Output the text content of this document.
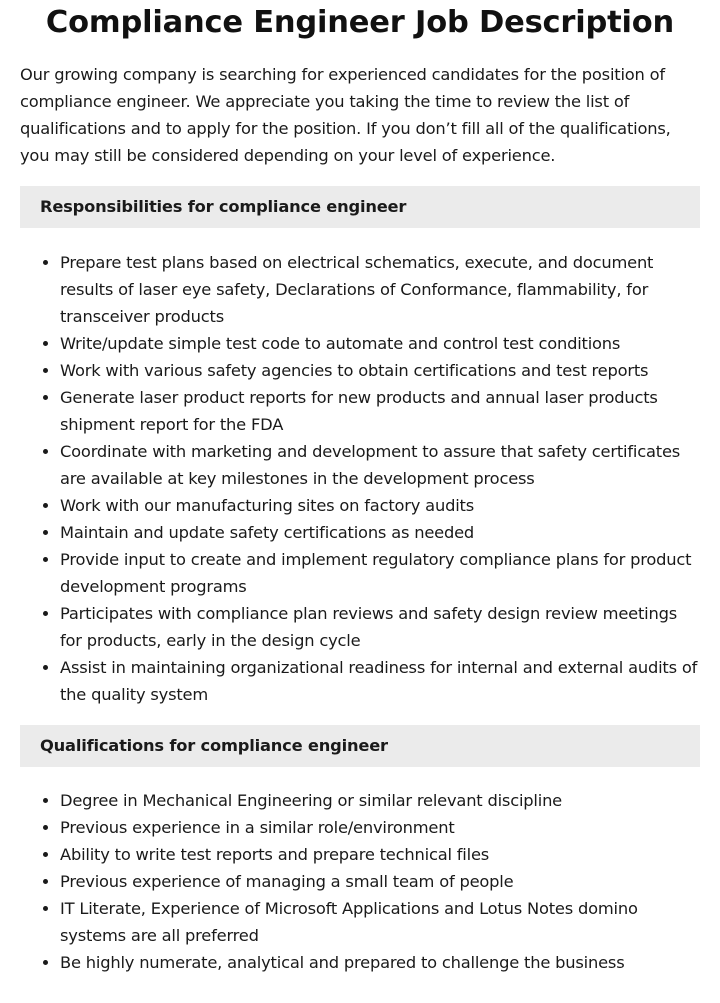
Compliance Engineer Job Description

Our growing company is searching for experienced candidates for the position of compliance engineer. We appreciate you taking the time to review the list of qualifications and to apply for the position. If you don’t fill all of the qualifications, you may still be considered depending on your level of experience.

Responsibilities for compliance engineer
• Prepare test plans based on electrical schematics, execute, and document results of laser eye safety, Declarations of Conformance, flammability, for transceiver products
• Write/update simple test code to automate and control test conditions
• Work with various safety agencies to obtain certifications and test reports
• Generate laser product reports for new products and annual laser products shipment report for the FDA
• Coordinate with marketing and development to assure that safety certificates are available at key milestones in the development process
• Work with our manufacturing sites on factory audits
• Maintain and update safety certifications as needed
• Provide input to create and implement regulatory compliance plans for product development programs
• Participates with compliance plan reviews and safety design review meetings for products, early in the design cycle
• Assist in maintaining organizational readiness for internal and external audits of the quality system
Qualifications for compliance engineer
• Degree in Mechanical Engineering or similar relevant discipline
• Previous experience in a similar role/environment
• Ability to write test reports and prepare technical files
• Previous experience of managing a small team of people
• IT Literate, Experience of Microsoft Applications and Lotus Notes domino systems are all preferred
• Be highly numerate, analytical and prepared to challenge the business
